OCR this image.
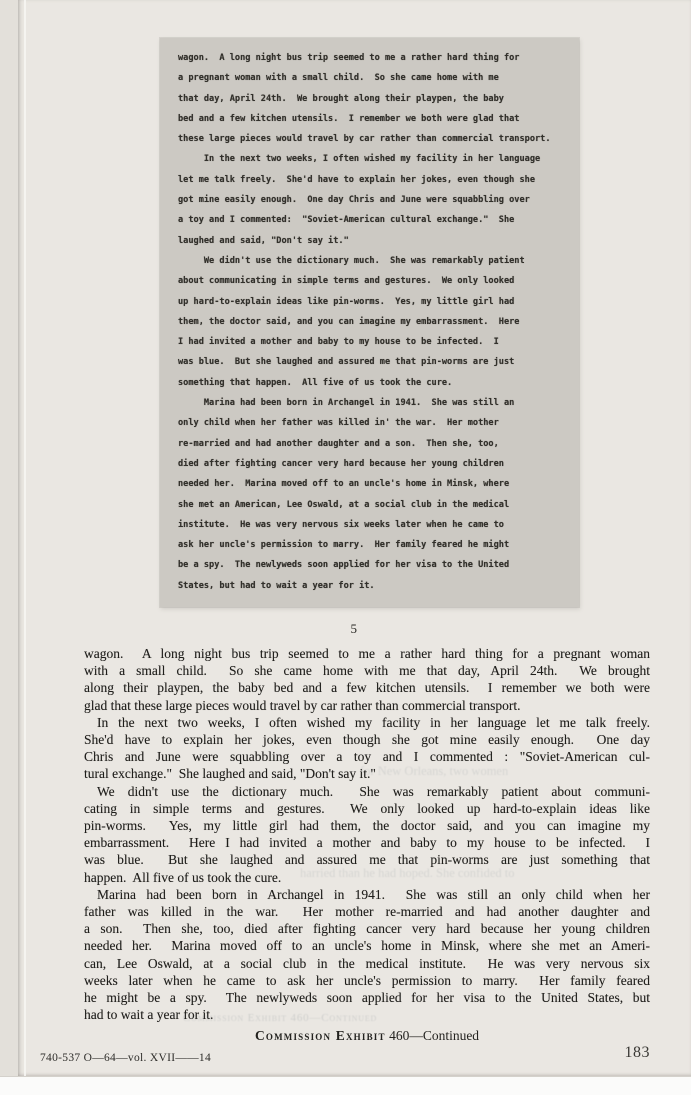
wagon.  A long night bus trip seemed to me a rather hard thing for
a pregnant woman with a small child.  So she came home with me
that day, April 24th.  We brought along their playpen, the baby
bed and a few kitchen utensils.  I remember we both were glad that
these large pieces would travel by car rather than commercial transport.
In the next two weeks, I often wished my facility in her language
let me talk freely.  She'd have to explain her jokes, even though she
got mine easily enough.  One day Chris and June were squabbling over
a toy and I commented:  "Soviet-American cultural exchange."  She
laughed and said, "Don't say it."
We didn't use the dictionary much.  She was remarkably patient
about communicating in simple terms and gestures.  We only looked
up hard-to-explain ideas like pin-worms.  Yes, my little girl had
them, the doctor said, and you can imagine my embarrassment.  Here
I had invited a mother and baby to my house to be infected.  I
was blue.  But she laughed and assured me that pin-worms are just
something that happen.  All five of us took the cure.
Marina had been born in Archangel in 1941.  She was still an
only child when her father was killed in' the war.  Her mother
re-married and had another daughter and a son.  Then she, too,
died after fighting cancer very hard because her young children
needed her.  Marina moved off to an uncle's home in Minsk, where
she met an American, Lee Oswald, at a social club in the medical
institute.  He was very nervous six weeks later when he came to
ask her uncle's permission to marry.  Her family feared he might
be a spy.  The newlyweds soon applied for her visa to the United
States, but had to wait a year for it.
for New Orleans, two women
harried than he had hoped. She confided to
5
wagon.  A long night bus trip seemed to me a rather hard thing for a pregnant woman
with a small child.  So she came home with me that day, April 24th.  We brought
along their playpen, the baby bed and a few kitchen utensils.  I remember we both were
glad that these large pieces would travel by car rather than commercial transport.
In the next two weeks, I often wished my facility in her language let me talk freely.
She'd have to explain her jokes, even though she got mine easily enough.  One day
Chris and June were squabbling over a toy and I commented : "Soviet-American cul-
tural exchange."  She laughed and said, "Don't say it."
We didn't use the dictionary much.  She was remarkably patient about communi-
cating in simple terms and gestures.  We only looked up hard-to-explain ideas like
pin-worms.  Yes, my little girl had them, the doctor said, and you can imagine my
embarrassment.  Here I had invited a mother and baby to my house to be infected.  I
was blue.  But she laughed and assured me that pin-worms are just something that
happen.  All five of us took the cure.
Marina had been born in Archangel in 1941.  She was still an only child when her
father was killed in the war.  Her mother re-married and had another daughter and
a son.  Then she, too, died after fighting cancer very hard because her young children
needed her.  Marina moved off to an uncle's home in Minsk, where she met an Ameri-
can, Lee Oswald, at a social club in the medical institute.  He was very nervous six
weeks later when he came to ask her uncle's permission to marry.  Her family feared
he might be a spy.  The newlyweds soon applied for her visa to the United States, but
had to wait a year for it.
Commission Exhibit 460—Continued
Commission Exhibit 460—Continued
740-537 O—64—vol. XVII——14	183
